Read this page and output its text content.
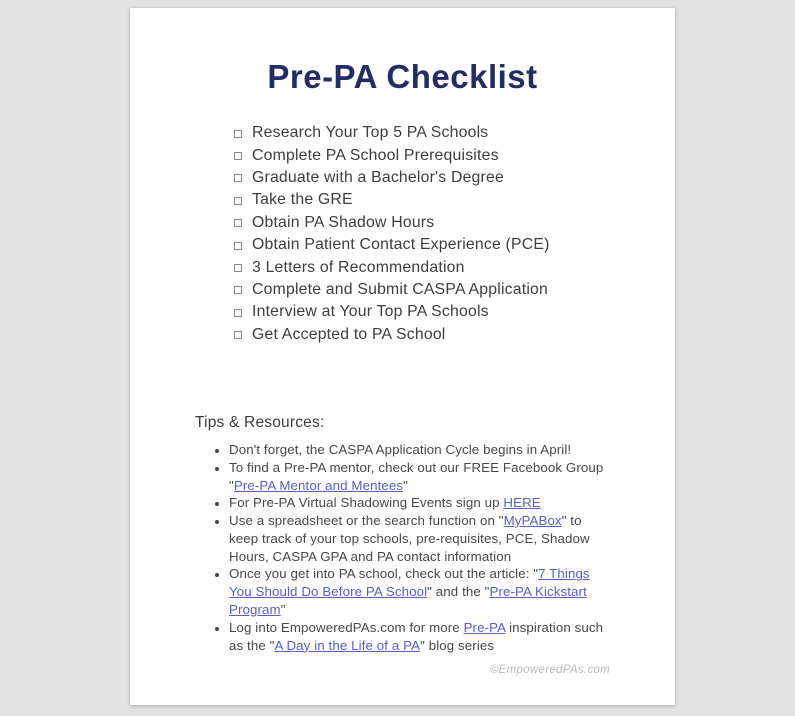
Pre-PA Checklist
Research Your Top 5 PA Schools
Complete PA School Prerequisites
Graduate with a Bachelor's Degree
Take the GRE
Obtain PA Shadow Hours
Obtain Patient Contact Experience (PCE)
3 Letters of Recommendation
Complete and Submit CASPA Application
Interview at Your Top PA Schools
Get Accepted to PA School
Tips & Resources:
• Don't forget, the CASPA Application Cycle begins in April!
• To find a Pre-PA mentor, check out our FREE Facebook Group "Pre-PA Mentor and Mentees"
• For Pre-PA Virtual Shadowing Events sign up HERE
• Use a spreadsheet or the search function on "MyPABox" to keep track of your top schools, pre-requisites, PCE, Shadow Hours, CASPA GPA and PA contact information
• Once you get into PA school, check out the article: "7 Things You Should Do Before PA School" and the "Pre-PA Kickstart Program"
• Log into EmpoweredPAs.com for more Pre-PA inspiration such as the "A Day in the Life of a PA" blog series
©EmpoweredPAs.com
